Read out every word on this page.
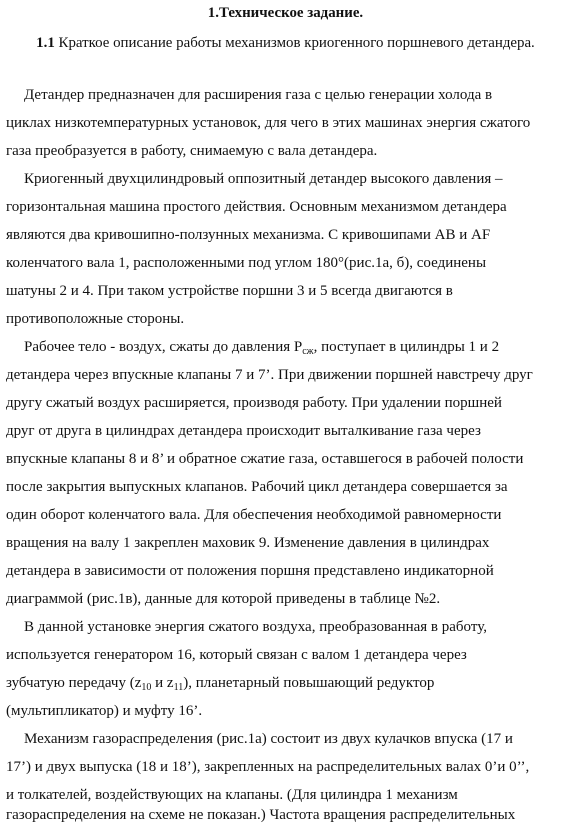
1.Техническое задание.
1.1 Краткое описание работы механизмов криогенного поршневого детандера.
Детандер предназначен для расширения газа с целью генерации холода в
циклах низкотемпературных установок, для чего в этих машинах энергия сжатого
газа преобразуется в работу, снимаемую с вала детандера.
Криогенный двухцилиндровый оппозитный детандер высокого давления –
горизонтальная машина простого действия. Основным механизмом детандера
являются два кривошипно-ползунных механизма. С кривошипами АВ и АF
коленчатого вала 1, расположенными под углом 180°(рис.1а, б), соединены
шатуны 2 и 4. При таком устройстве поршни 3 и 5 всегда двигаются в
противоположные стороны.
Рабочее тело - воздух, сжаты до давления $Р_{сж}$, поступает в цилиндры 1 и 2
детандера через впускные клапаны 7 и 7’. При движении поршней навстречу друг
другу сжатый воздух расширяется, производя работу. При удалении поршней
друг от друга в цилиндрах детандера происходит выталкивание газа через
впускные клапаны 8 и 8’ и обратное сжатие газа, оставшегося в рабочей полости
после закрытия выпускных клапанов. Рабочий цикл детандера совершается за
один оборот коленчатого вала. Для обеспечения необходимой равномерности
вращения на валу 1 закреплен маховик 9. Изменение давления в цилиндрах
детандера в зависимости от положения поршня представлено индикаторной
диаграммой (рис.1в), данные для которой приведены в таблице №2.
В данной установке энергия сжатого воздуха, преобразованная в работу,
используется генератором 16, который связан с валом 1 детандера через
зубчатую передачу ($z_{10}$ и $z_{11}$), планетарный повышающий редуктор
(мультипликатор) и муфту 16’.
Механизм газораспределения (рис.1а) состоит из двух кулачков впуска (17 и
17’) и двух выпуска (18 и 18’), закрепленных на распределительных валах 0’и 0’’,
и толкателей, воздействующих на клапаны. (Для цилиндра 1 механизм
газораспределения на схеме не показан.) Частота вращения распределительных
